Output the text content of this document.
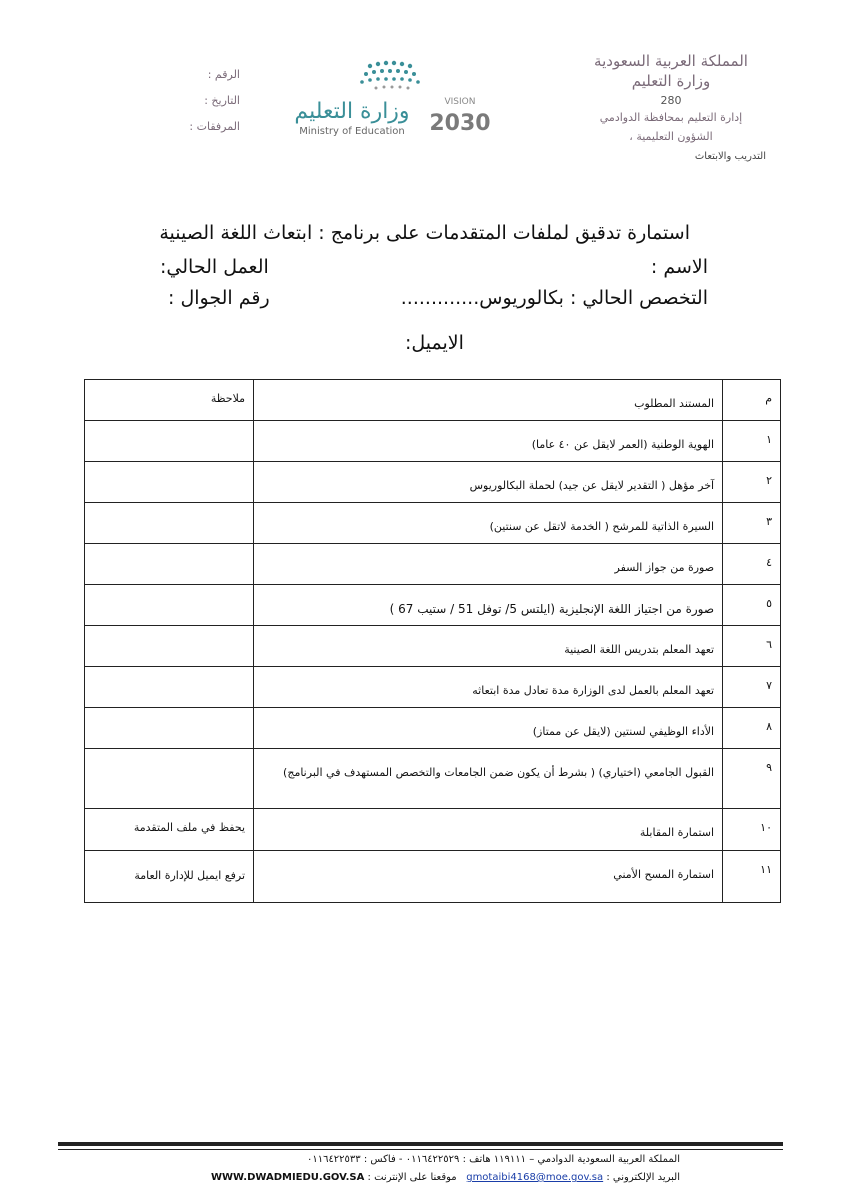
المملكة العربية السعودية
وزارة التعليم
280
إدارة التعليم بمحافظة الدوادمي
الشؤون التعليمية ،
التدريب والابتعاث
وزارة التعليم
Ministry of Education
VISION
2030
الرقم :
التاريخ :
المرفقات :
استمارة تدقيق لملفات المتقدمات على برنامج : ابتعاث اللغة الصينية
الاسم :
العمل الحالي:
التخصص الحالي : بكالوريوس.............
رقم الجوال :
الايميل:
م	المستند المطلوب	ملاحظة
١	الهوية الوطنية (العمر لايقل عن ٤٠ عاما)	
٢	آخر مؤهل ( التقدير لايقل عن جيد) لحملة البكالوريوس	
٣	السيرة الذاتية للمرشح ( الخدمة لاتقل عن سنتين)	
٤	صورة من جواز السفر	
٥	صورة من اجتياز اللغة الإنجليزية (ايلتس 5/ توفل 51 / ستيب 67 )	
٦	تعهد المعلم بتدريس اللغة الصينية	
٧	تعهد المعلم بالعمل لدى الوزارة مدة تعادل مدة ابتعاثه	
٨	الأداء الوظيفي لسنتين (لايقل عن ممتاز)	
٩	القبول الجامعي (اختياري) ( بشرط أن يكون ضمن الجامعات والتخصص المستهدف في البرنامج)	
١٠	استمارة المقابلة	يحفظ في ملف المتقدمة
١١	استمارة المسح الأمني	ترفع ايميل للإدارة العامة
المملكة العربية السعودية الدوادمي – ١١٩١١١ هاتف : ٠١١٦٤٢٢٥٢٩ - فاكس : ٠١١٦٤٢٢٥٣٣
البريد الإلكتروني : gmotaibi4168@moe.gov.sa   موقعنا على الإنترنت : WWW.DWADMIEDU.GOV.SA
